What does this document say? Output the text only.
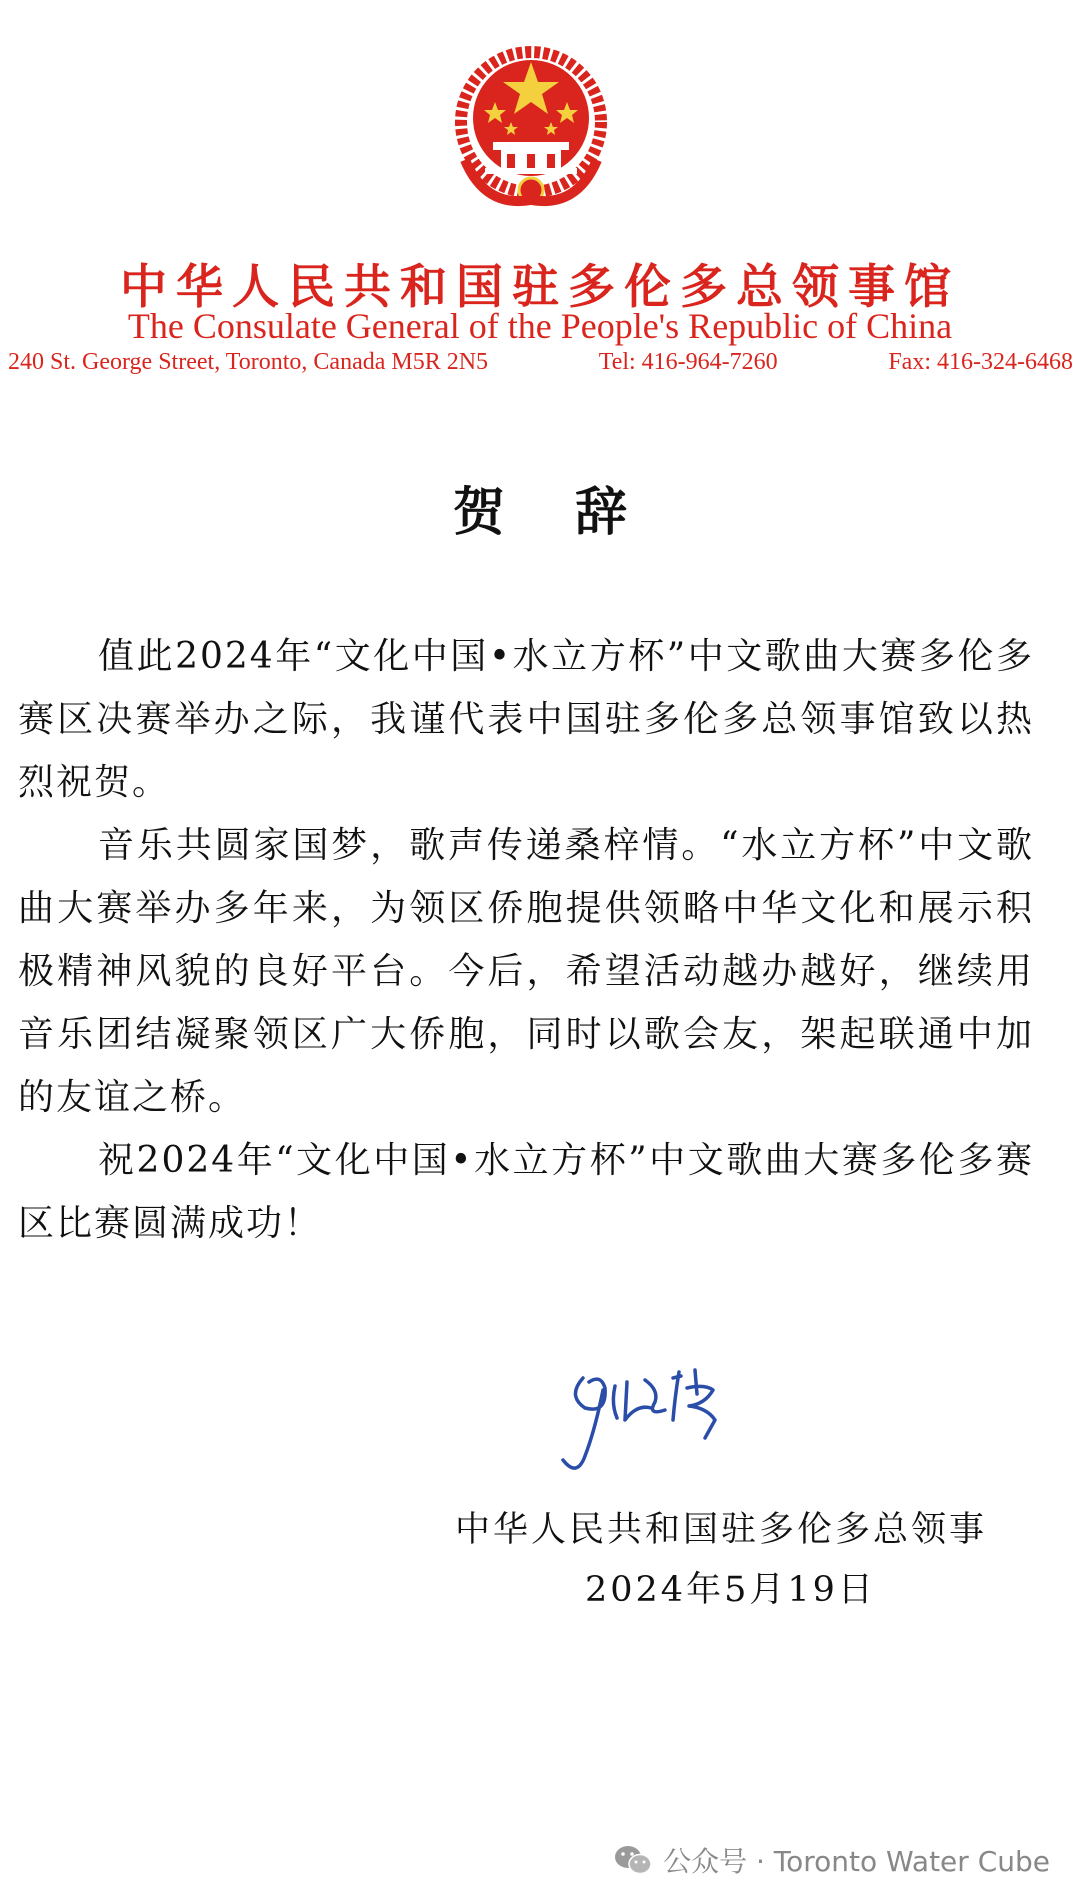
中华人民共和国驻多伦多总领事馆
The Consulate General of the People's Republic of China
240 St. George Street, Toronto, Canada M5R 2N5	Tel: 416-964-7260	Fax: 416-324-6468
贺辞

值此2024年“文化中国•水立方杯”中文歌曲大赛多伦多赛区决赛举办之际，我谨代表中国驻多伦多总领事馆致以热烈祝贺。

音乐共圆家国梦，歌声传递桑梓情。“水立方杯”中文歌曲大赛举办多年来，为领区侨胞提供领略中华文化和展示积极精神风貌的良好平台。今后，希望活动越办越好，继续用音乐团结凝聚领区广大侨胞，同时以歌会友，架起联通中加的友谊之桥。

祝2024年“文化中国•水立方杯”中文歌曲大赛多伦多赛区比赛圆满成功！

中华人民共和国驻多伦多总领事
2024年5月19日
公众号 · Toronto Water Cube
